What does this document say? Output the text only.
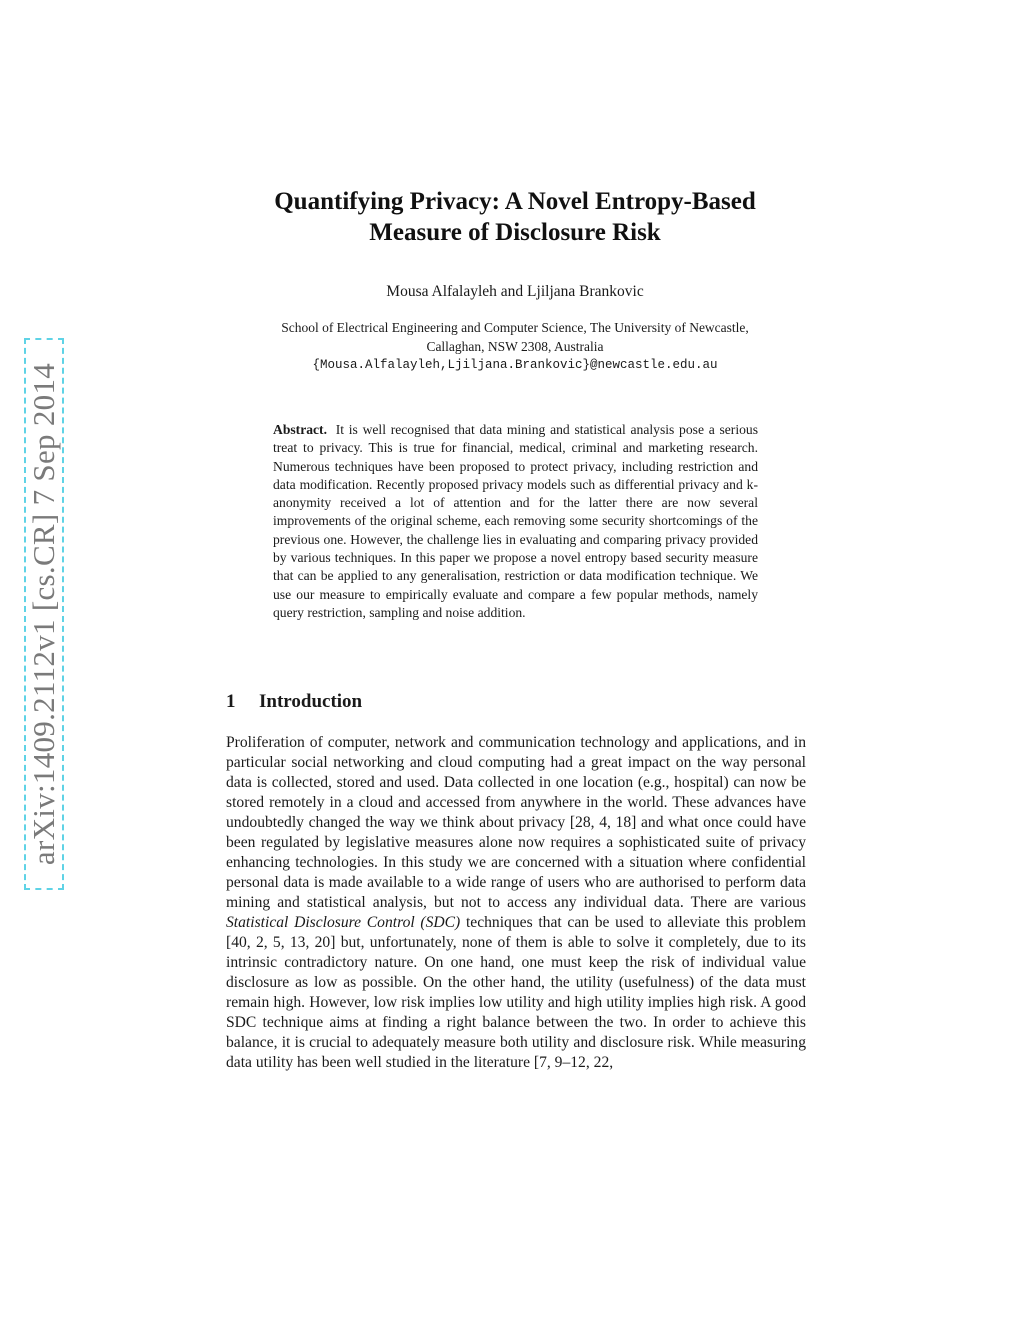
arXiv:1409.2112v1 [cs.CR] 7 Sep 2014
Quantifying Privacy: A Novel Entropy-Based
Measure of Disclosure Risk
Mousa Alfalayleh and Ljiljana Brankovic
School of Electrical Engineering and Computer Science, The University of Newcastle,
Callaghan, NSW 2308, Australia
{Mousa.Alfalayleh,Ljiljana.Brankovic}@newcastle.edu.au
Abstract. It is well recognised that data mining and statistical analysis pose a serious treat to privacy. This is true for financial, medical, criminal and marketing research. Numerous techniques have been proposed to protect privacy, including restriction and data modification. Recently proposed privacy models such as differential privacy and k-anonymity received a lot of attention and for the latter there are now several improvements of the original scheme, each removing some security shortcomings of the previous one. However, the challenge lies in evaluating and comparing privacy provided by various techniques. In this paper we propose a novel entropy based security measure that can be applied to any generalisation, restriction or data modification technique. We use our measure to empirically evaluate and compare a few popular methods, namely query restriction, sampling and noise addition.
1 Introduction
Proliferation of computer, network and communication technology and applications, and in particular social networking and cloud computing had a great impact on the way personal data is collected, stored and used. Data collected in one location (e.g., hospital) can now be stored remotely in a cloud and accessed from anywhere in the world. These advances have undoubtedly changed the way we think about privacy [28, 4, 18] and what once could have been regulated by legislative measures alone now requires a sophisticated suite of privacy enhancing technologies. In this study we are concerned with a situation where confidential personal data is made available to a wide range of users who are authorised to perform data mining and statistical analysis, but not to access any individual data. There are various Statistical Disclosure Control (SDC) techniques that can be used to alleviate this problem [40, 2, 5, 13, 20] but, unfortunately, none of them is able to solve it completely, due to its intrinsic contradictory nature. On one hand, one must keep the risk of individual value disclosure as low as possible. On the other hand, the utility (usefulness) of the data must remain high. However, low risk implies low utility and high utility implies high risk. A good SDC technique aims at finding a right balance between the two. In order to achieve this balance, it is crucial to adequately measure both utility and disclosure risk. While measuring data utility has been well studied in the literature [7, 9–12, 22,
